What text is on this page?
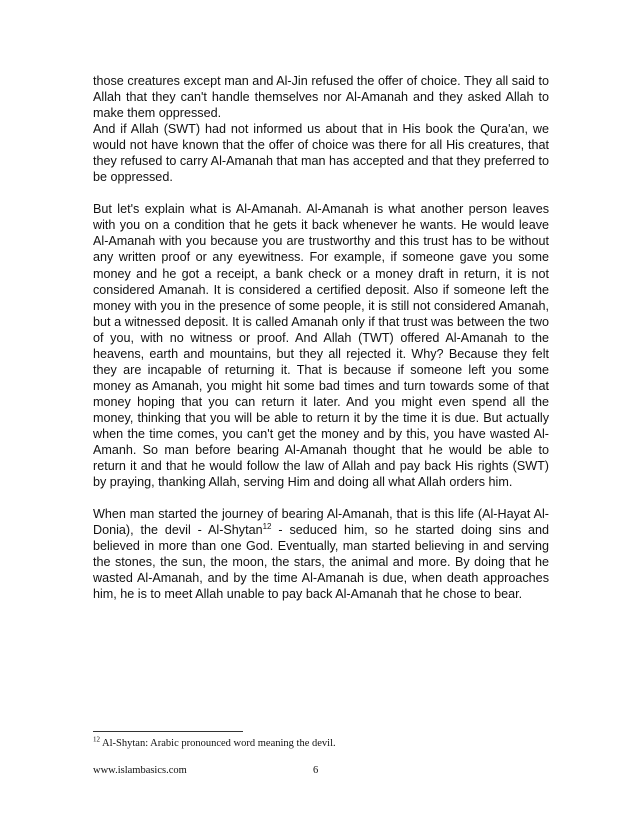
those creatures except man and Al-Jin refused the offer of choice. They all said to Allah that they can't handle themselves nor Al-Amanah and they asked Allah to make them oppressed.

And if Allah (SWT) had not informed us about that in His book the Qura'an, we would not have known that the offer of choice was there for all His creatures, that they refused to carry Al-Amanah that man has accepted and that they preferred to be oppressed.

But let's explain what is Al-Amanah. Al-Amanah is what another person leaves with you on a condition that he gets it back whenever he wants. He would leave Al-Amanah with you because you are trustworthy and this trust has to be without any written proof or any eyewitness. For example, if someone gave you some money and he got a receipt, a bank check or a money draft in return, it is not considered Amanah. It is considered a certified deposit. Also if someone left the money with you in the presence of some people, it is still not considered Amanah, but a witnessed deposit. It is called Amanah only if that trust was between the two of you, with no witness or proof. And Allah (TWT) offered Al-Amanah to the heavens, earth and mountains, but they all rejected it. Why? Because they felt they are incapable of returning it. That is because if someone left you some money as Amanah, you might hit some bad times and turn towards some of that money hoping that you can return it later. And you might even spend all the money, thinking that you will be able to return it by the time it is due. But actually when the time comes, you can't get the money and by this, you have wasted Al-Amanh. So man before bearing Al-Amanah thought that he would be able to return it and that he would follow the law of Allah and pay back His rights (SWT) by praying, thanking Allah, serving Him and doing all what Allah orders him.

When man started the journey of bearing Al-Amanah, that is this life (Al-Hayat Al-Donia), the devil - Al-Shytan$^{12}$ - seduced him, so he started doing sins and believed in more than one God. Eventually, man started believing in and serving the stones, the sun, the moon, the stars, the animal and more. By doing that he wasted Al-Amanah, and by the time Al-Amanah is due, when death approaches him, he is to meet Allah unable to pay back Al-Amanah that he chose to bear.

$^{12}$ Al-Shytan: Arabic pronounced word meaning the devil.
www.islambasics.com	6
